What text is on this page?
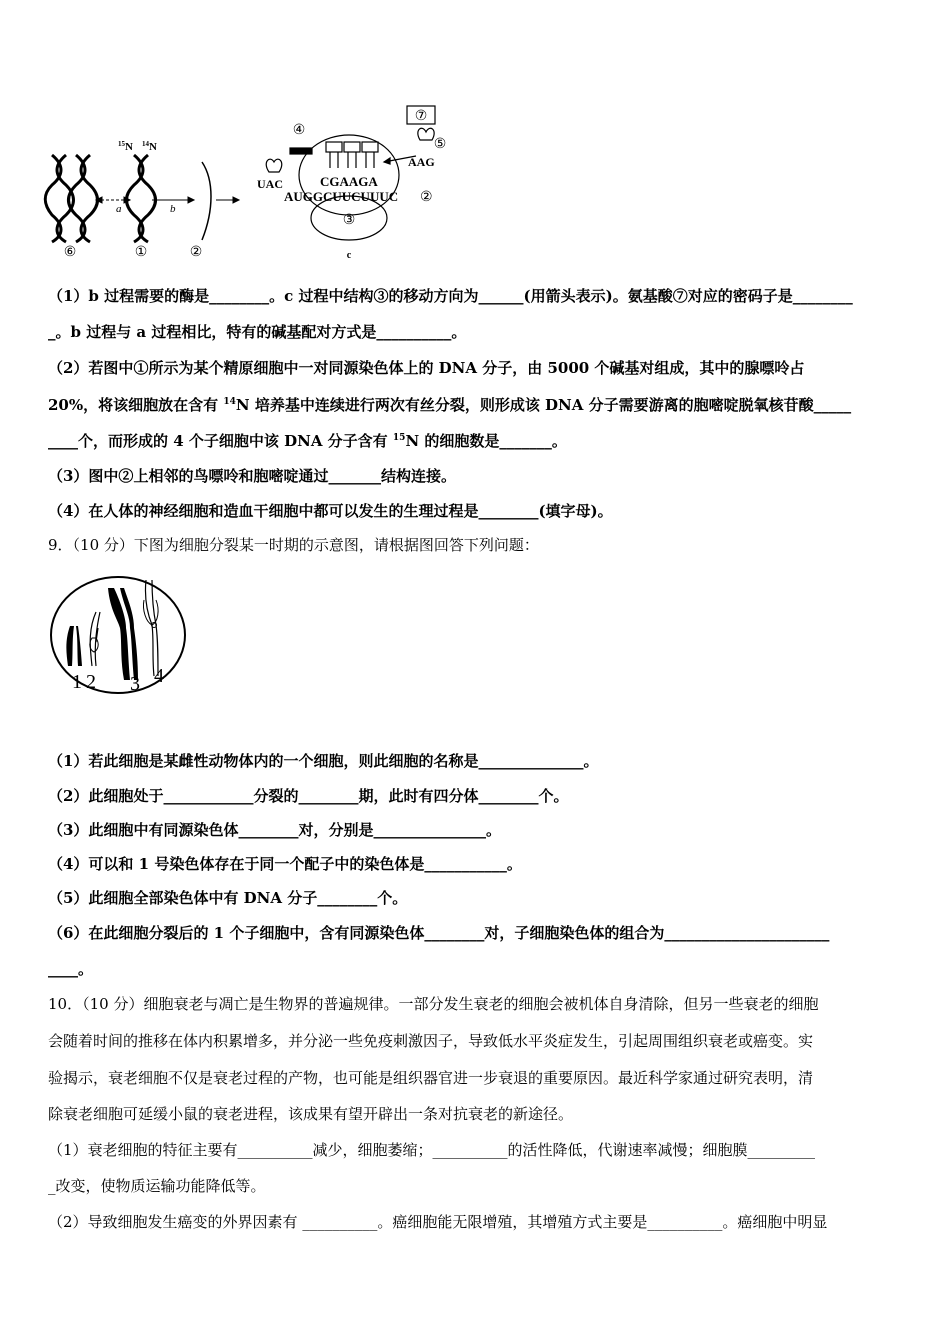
$^{15}$N $^{14}$N
a	b
⑥	①	②
③
c
⑦
④
⑤
UAC
AAG
CGAAGA
AUGGCUUCUUUC ②
（1）b 过程需要的酶是________。c 过程中结构③的移动方向为______(用箭头表示)。氨基酸⑦对应的密码子是________
_。b 过程与 a 过程相比，特有的碱基配对方式是__________。
（2）若图中①所示为某个精原细胞中一对同源染色体上的 DNA 分子，由 5000 个碱基对组成，其中的腺嘌呤占
20%，将该细胞放在含有 $^{14}$N 培养基中连续进行两次有丝分裂，则形成该 DNA 分子需要游离的胞嘧啶脱氧核苷酸_____
____个，而形成的 4 个子细胞中该 DNA 分子含有 $^{15}$N 的细胞数是_______。
（3）图中②上相邻的鸟嘌呤和胞嘧啶通过_______结构连接。
（4）在人体的神经细胞和造血干细胞中都可以发生的生理过程是________(填字母)。
9．（10 分）下图为细胞分裂某一时期的示意图，请根据图回答下列问题：
1 2 3 4
（1）若此细胞是某雌性动物体内的一个细胞，则此细胞的名称是______________。
（2）此细胞处于____________分裂的________期，此时有四分体________个。
（3）此细胞中有同源染色体________对，分别是_______________。
（4）可以和 1 号染色体存在于同一个配子中的染色体是___________。
（5）此细胞全部染色体中有 DNA 分子________个。
（6）在此细胞分裂后的 1 个子细胞中，含有同源染色体________对，子细胞染色体的组合为______________________
____。
10．（10 分）细胞衰老与凋亡是生物界的普遍规律。一部分发生衰老的细胞会被机体自身清除，但另一些衰老的细胞
会随着时间的推移在体内积累增多，并分泌一些免疫刺激因子，导致低水平炎症发生，引起周围组织衰老或癌变。实
验揭示，衰老细胞不仅是衰老过程的产物，也可能是组织器官进一步衰退的重要原因。最近科学家通过研究表明，清
除衰老细胞可延缓小鼠的衰老进程，该成果有望开辟出一条对抗衰老的新途径。
（1）衰老细胞的特征主要有__________减少，细胞萎缩；__________的活性降低，代谢速率减慢；细胞膜_________
_改变，使物质运输功能降低等。
（2）导致细胞发生癌变的外界因素有 __________。癌细胞能无限增殖，其增殖方式主要是__________。癌细胞中明显
